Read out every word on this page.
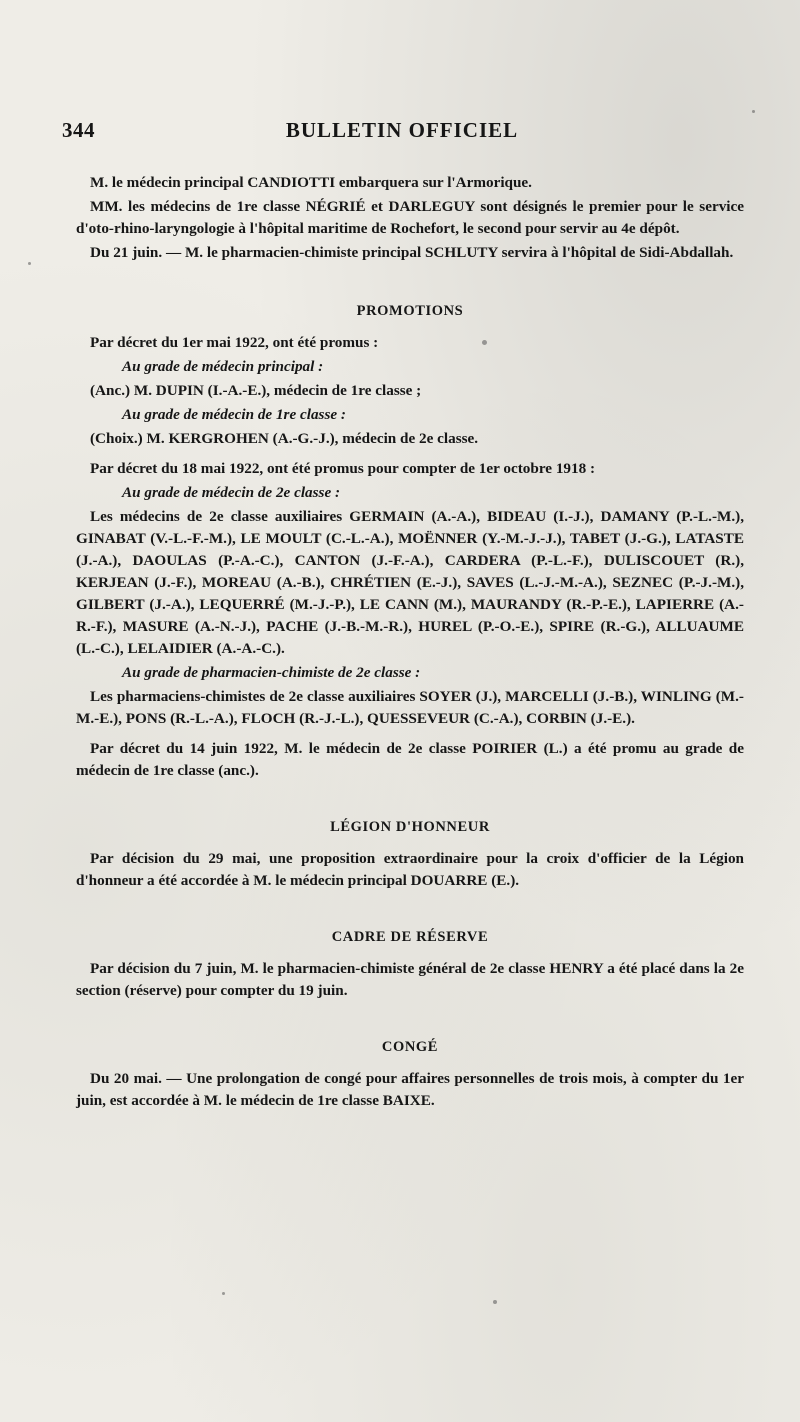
344	BULLETIN OFFICIEL

M. le médecin principal CANDIOTTI embarquera sur l'Armorique.

MM. les médecins de 1re classe NÉGRIÉ et DARLEGUY sont désignés le premier pour le service d'oto-rhino-laryngologie à l'hôpital maritime de Rochefort, le second pour servir au 4e dépôt.

Du 21 juin. — M. le pharmacien-chimiste principal SCHLUTY servira à l'hôpital de Sidi-Abdallah.

PROMOTIONS

Par décret du 1er mai 1922, ont été promus :

Au grade de médecin principal :

(Anc.) M. DUPIN (I.-A.-E.), médecin de 1re classe ;

Au grade de médecin de 1re classe :

(Choix.) M. KERGROHEN (A.-G.-J.), médecin de 2e classe.

Par décret du 18 mai 1922, ont été promus pour compter de 1er octobre 1918 :

Au grade de médecin de 2e classe :

Les médecins de 2e classe auxiliaires GERMAIN (A.-A.), BIDEAU (I.-J.), DAMANY (P.-L.-M.), GINABAT (V.-L.-F.-M.), LE MOULT (C.-L.-A.), MOËNNER (Y.-M.-J.-J.), TABET (J.-G.), LATASTE (J.-A.), DAOULAS (P.-A.-C.), CANTON (J.-F.-A.), CARDERA (P.-L.-F.), DULISCOUET (R.), KERJEAN (J.-F.), MOREAU (A.-B.), CHRÉTIEN (E.-J.), SAVES (L.-J.-M.-A.), SEZNEC (P.-J.-M.), GILBERT (J.-A.), LEQUERRÉ (M.-J.-P.), LE CANN (M.), MAURANDY (R.-P.-E.), LAPIERRE (A.-R.-F.), MASURE (A.-N.-J.), PACHE (J.-B.-M.-R.), HUREL (P.-O.-E.), SPIRE (R.-G.), ALLUAUME (L.-C.), LELAIDIER (A.-A.-C.).

Au grade de pharmacien-chimiste de 2e classe :

Les pharmaciens-chimistes de 2e classe auxiliaires SOYER (J.), MARCELLI (J.-B.), WINLING (M.-M.-E.), PONS (R.-L.-A.), FLOCH (R.-J.-L.), QUESSEVEUR (C.-A.), CORBIN (J.-E.).

Par décret du 14 juin 1922, M. le médecin de 2e classe POIRIER (L.) a été promu au grade de médecin de 1re classe (anc.).

LÉGION D'HONNEUR

Par décision du 29 mai, une proposition extraordinaire pour la croix d'officier de la Légion d'honneur a été accordée à M. le médecin principal DOUARRE (E.).

CADRE DE RÉSERVE

Par décision du 7 juin, M. le pharmacien-chimiste général de 2e classe HENRY a été placé dans la 2e section (réserve) pour compter du 19 juin.

CONGÉ

Du 20 mai. — Une prolongation de congé pour affaires personnelles de trois mois, à compter du 1er juin, est accordée à M. le médecin de 1re classe BAIXE.
